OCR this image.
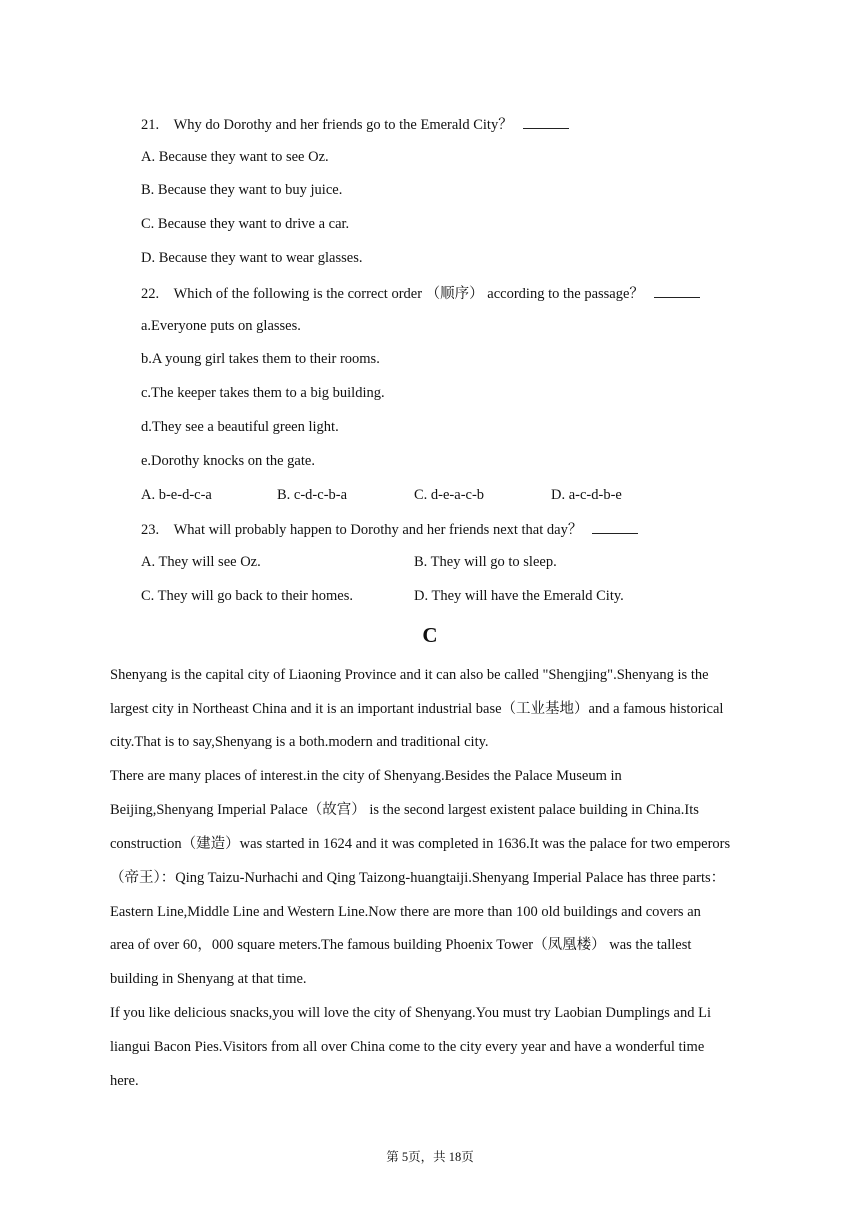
21.　Why do Dorothy and her friends go to the Emerald City？
A. Because they want to see Oz.
B. Because they want to buy juice.
C. Because they want to drive a car.
D. Because they want to wear glasses.
22.　Which of the following is the correct order （顺序） according to the passage？
a.Everyone puts on glasses.
b.A young girl takes them to their rooms.
c.The keeper takes them to a big building.
d.They see a beautiful green light.
e.Dorothy knocks on the gate.
A. b-e-d-c-a	B. c-d-c-b-a	C. d-e-a-c-b	D. a-c-d-b-e
23.　What will probably happen to Dorothy and her friends next that day？
A. They will see Oz.	B. They will go to sleep.
C. They will go back to their homes.	D. They will have the Emerald City.
C
Shenyang is the capital city of Liaoning Province and it can also be called "Shengjing".Shenyang is the
largest city in Northeast China and it is an important industrial base（工业基地）and a famous historical
city.That is to say,Shenyang is a both.modern and traditional city.
There are many places of interest.in the city of Shenyang.Besides the Palace Museum in
Beijing,Shenyang Imperial Palace（故宫） is the second largest existent palace building in China.Its
construction（建造）was started in 1624 and it was completed in 1636.It was the palace for two emperors
（帝王）：Qing Taizu-Nurhachi and Qing Taizong-huangtaiji.Shenyang Imperial Palace has three parts：
Eastern Line,Middle Line and Western Line.Now there are more than 100 old buildings and covers an
area of over 60，000 square meters.The famous building Phoenix Tower（凤凰楼） was the tallest
building in Shenyang at that time.
If you like delicious snacks,you will love the city of Shenyang.You must try Laobian Dumplings and Li
liangui Bacon Pies.Visitors from all over China come to the city every year and have a wonderful time
here.
第 5页，共 18页
